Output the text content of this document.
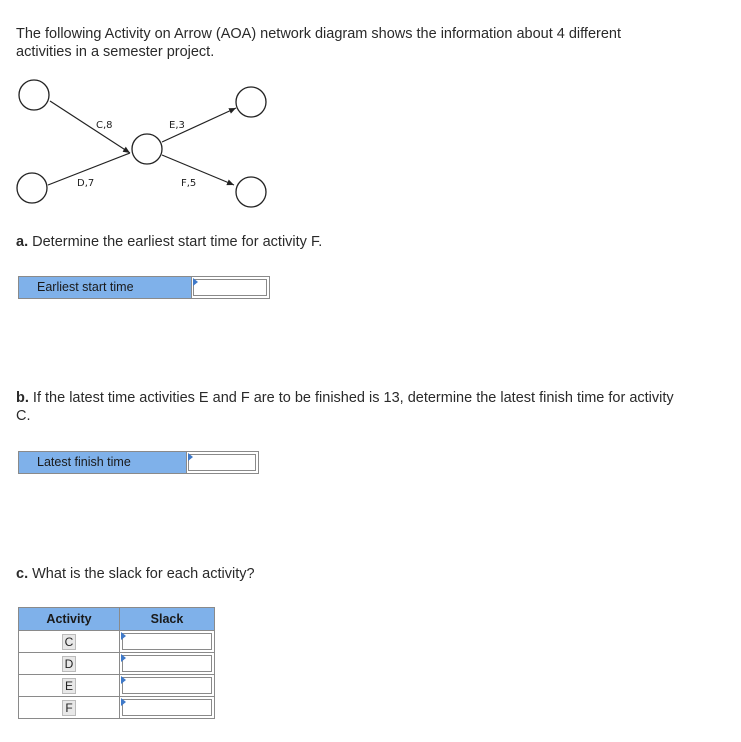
The following Activity on Arrow (AOA) network diagram shows the information about 4 different
activities in a semester project.
C,8	E,3
D,7	F,5
a. Determine the earliest start time for activity F.
Earliest start time
b. If the latest time activities E and F are to be finished is 13, determine the latest finish time for activity
C.
Latest finish time
c. What is the slack for each activity?
Activity	Slack
C	

D	

E	

F	
